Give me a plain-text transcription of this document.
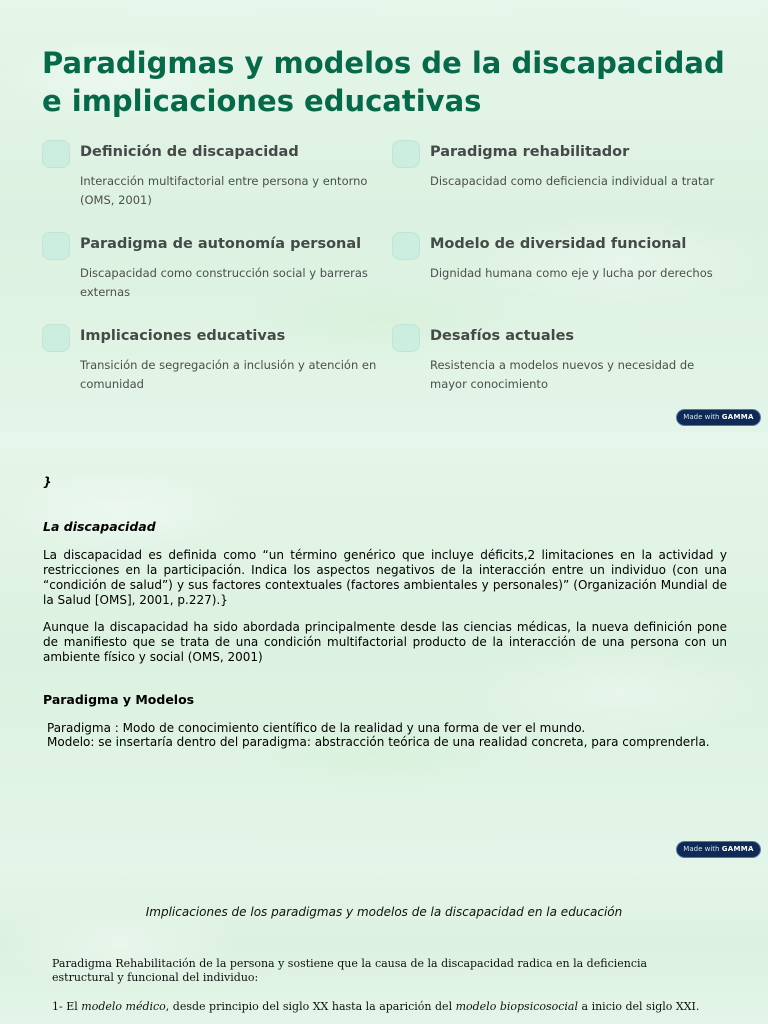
Paradigmas y modelos de la discapacidad e implicaciones educativas
Definición de discapacidad
Interacción multifactorial entre persona y entorno (OMS, 2001)
Paradigma rehabilitador
Discapacidad como deficiencia individual a tratar
Paradigma de autonomía personal
Discapacidad como construcción social y barreras externas
Modelo de diversidad funcional
Dignidad humana como eje y lucha por derechos
Implicaciones educativas
Transición de segregación a inclusión y atención en comunidad
Desafíos actuales
Resistencia a modelos nuevos y necesidad de mayor conocimiento
Made with GAMMA
}
La discapacidad

La discapacidad es definida como “un término genérico que incluye déficits,2 limitaciones en la actividad y restricciones en la participación. Indica los aspectos negativos de la interacción entre un individuo (con una “condición de salud”) y sus factores contextuales (factores ambientales y personales)” (Organización Mundial de la Salud [OMS], 2001, p.227).}

Aunque la discapacidad ha sido abordada principalmente desde las ciencias médicas, la nueva definición pone de manifiesto que se trata de una condición multifactorial producto de la interacción de una persona con un ambiente físico y social (OMS, 2001)

Paradigma y Modelos
Paradigma : Modo de conocimiento científico de la realidad y una forma de ver el mundo.
Modelo: se insertaría dentro del paradigma: abstracción teórica de una realidad concreta, para comprenderla.
Made with GAMMA
Implicaciones de los paradigmas y modelos de la discapacidad en la educación

Paradigma Rehabilitación de la persona y sostiene que la causa de la discapacidad radica en la deficiencia estructural y funcional del individuo:

1- El modelo médico, desde principio del siglo XX hasta la aparición del modelo biopsicosocial a inicio del siglo XXI.
